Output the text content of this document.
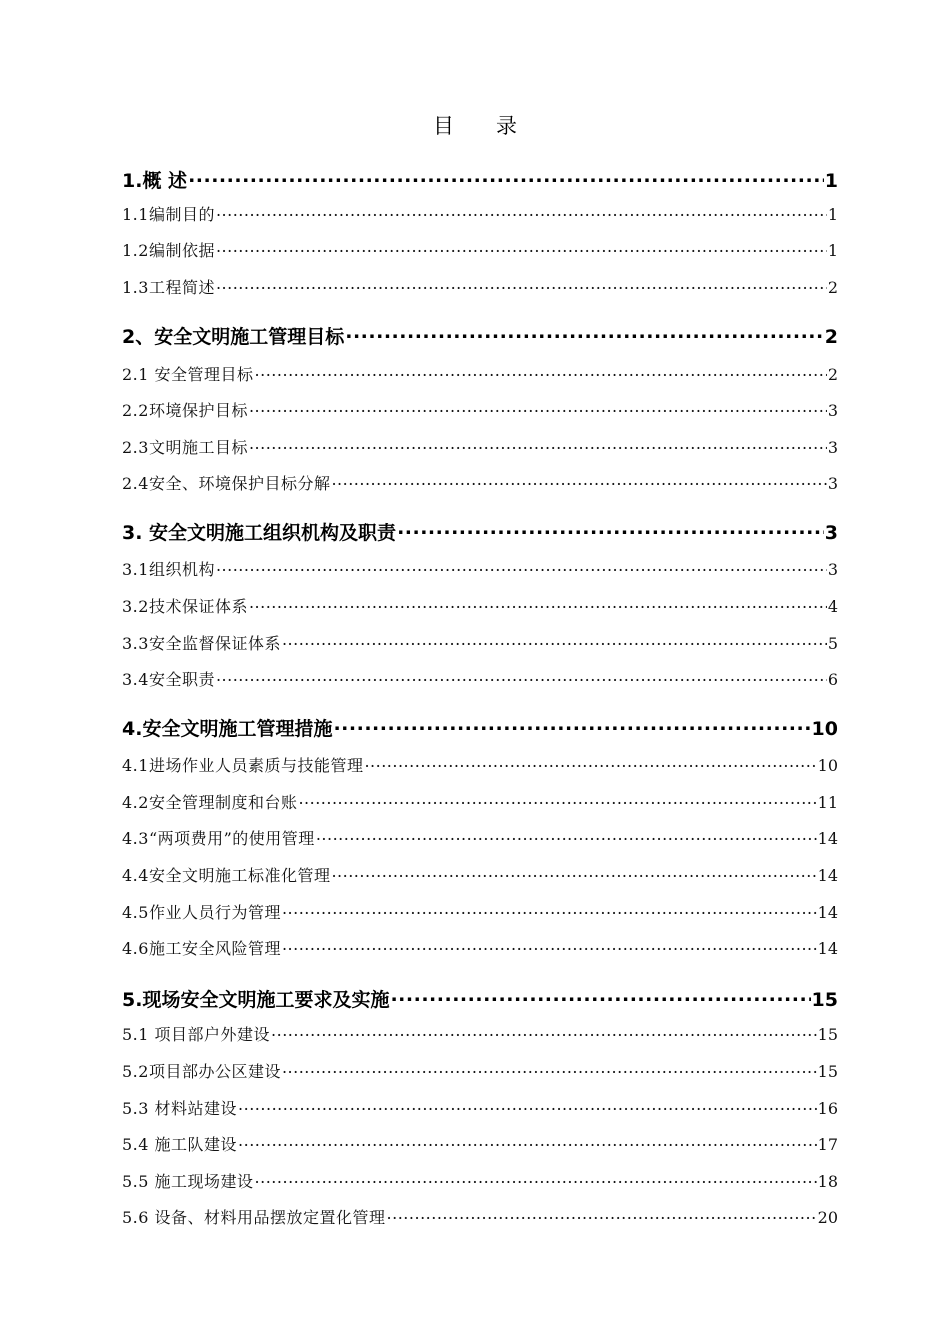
目 录
1.概 述 .....	1
1.1编制目的 .....	1
1.2编制依据 .....	1
1.3工程简述 .....	2
2、安全文明施工管理目标 .....	2
2.1 安全管理目标 .....	2
2.2环境保护目标 .....	3
2.3文明施工目标 .....	3
2.4安全、环境保护目标分解 .....	3
3. 安全文明施工组织机构及职责 .....	3
3.1组织机构 .....	3
3.2技术保证体系 .....	4
3.3安全监督保证体系 .....	5
3.4安全职责 .....	6
4.安全文明施工管理措施 .....	10
4.1进场作业人员素质与技能管理 .....	10
4.2安全管理制度和台账 .....	11
4.3“两项费用”的使用管理 .....	14
4.4安全文明施工标准化管理 .....	14
4.5作业人员行为管理 .....	14
4.6施工安全风险管理 .....	14
5.现场安全文明施工要求及实施 .....	15
5.1 项目部户外建设 .....	15
5.2项目部办公区建设 .....	15
5.3 材料站建设 .....	16
5.4 施工队建设 .....	17
5.5 施工现场建设 .....	18
5.6 设备、材料用品摆放定置化管理 .....	20
